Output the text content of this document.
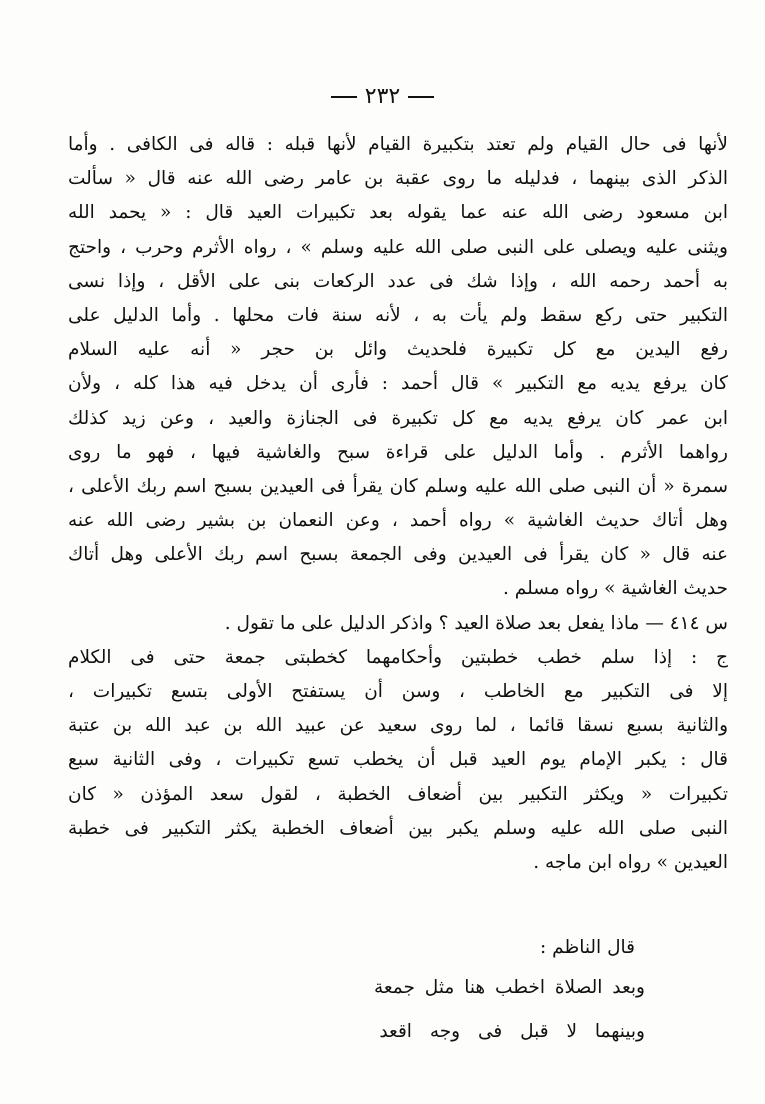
٢٣٢
لأنها فى حال القيام ولم تعتد بتكبيرة القيام لأنها قبله : قاله فى الكافى . وأما
الذكر الذى بينهما ، فدليله ما روى عقبة بن عامر رضى الله عنه قال « سألت
ابن مسعود رضى الله عنه عما يقوله بعد تكبيرات العيد قال : « يحمد الله
ويثنى عليه ويصلى على النبى صلى الله عليه وسلم » ، رواه الأثرم وحرب ، واحتج
به أحمد رحمه الله ، وإذا شك فى عدد الركعات بنى على الأقل ، وإذا نسى
التكبير حتى ركع سقط ولم يأت به ، لأنه سنة فات محلها . وأما الدليل على
رفع اليدين مع كل تكبيرة فلحديث وائل بن حجر « أنه عليه السلام
كان يرفع يديه مع التكبير » قال أحمد : فأرى أن يدخل فيه هذا كله ، ولأن
ابن عمر كان يرفع يديه مع كل تكبيرة فى الجنازة والعيد ، وعن زيد كذلك
رواهما الأثرم . وأما الدليل على قراءة سبح والغاشية فيها ، فهو ما روى
سمرة « أن النبى صلى الله عليه وسلم كان يقرأ فى العيدين بسبح اسم ربك الأعلى ،
وهل أتاك حديث الغاشية » رواه أحمد ، وعن النعمان بن بشير رضى الله عنه
عنه قال « كان يقرأ فى العيدين وفى الجمعة بسبح اسم ربك الأعلى وهل أتاك
حديث الغاشية » رواه مسلم .
س ٤١٤ — ماذا يفعل بعد صلاة العيد ؟ واذكر الدليل على ما تقول .
ج : إذا سلم خطب خطبتين وأحكامهما كخطبتى جمعة حتى فى الكلام
إلا فى التكبير مع الخاطب ، وسن أن يستفتح الأولى بتسع تكبيرات ،
والثانية بسبع نسقا قائما ، لما روى سعيد عن عبيد الله بن عبد الله بن عتبة
قال : يكبر الإمام يوم العيد قبل أن يخطب تسع تكبيرات ، وفى الثانية سبع
تكبيرات « ويكثر التكبير بين أضعاف الخطبة ، لقول سعد المؤذن « كان
النبى صلى الله عليه وسلم يكبر بين أضعاف الخطبة يكثر التكبير فى خطبة
العيدين » رواه ابن ماجه .
قال الناظم :
وبعد الصلاة اخطب هنا مثل جمعة
وبينهما لا قبل فى وجه اقعد
